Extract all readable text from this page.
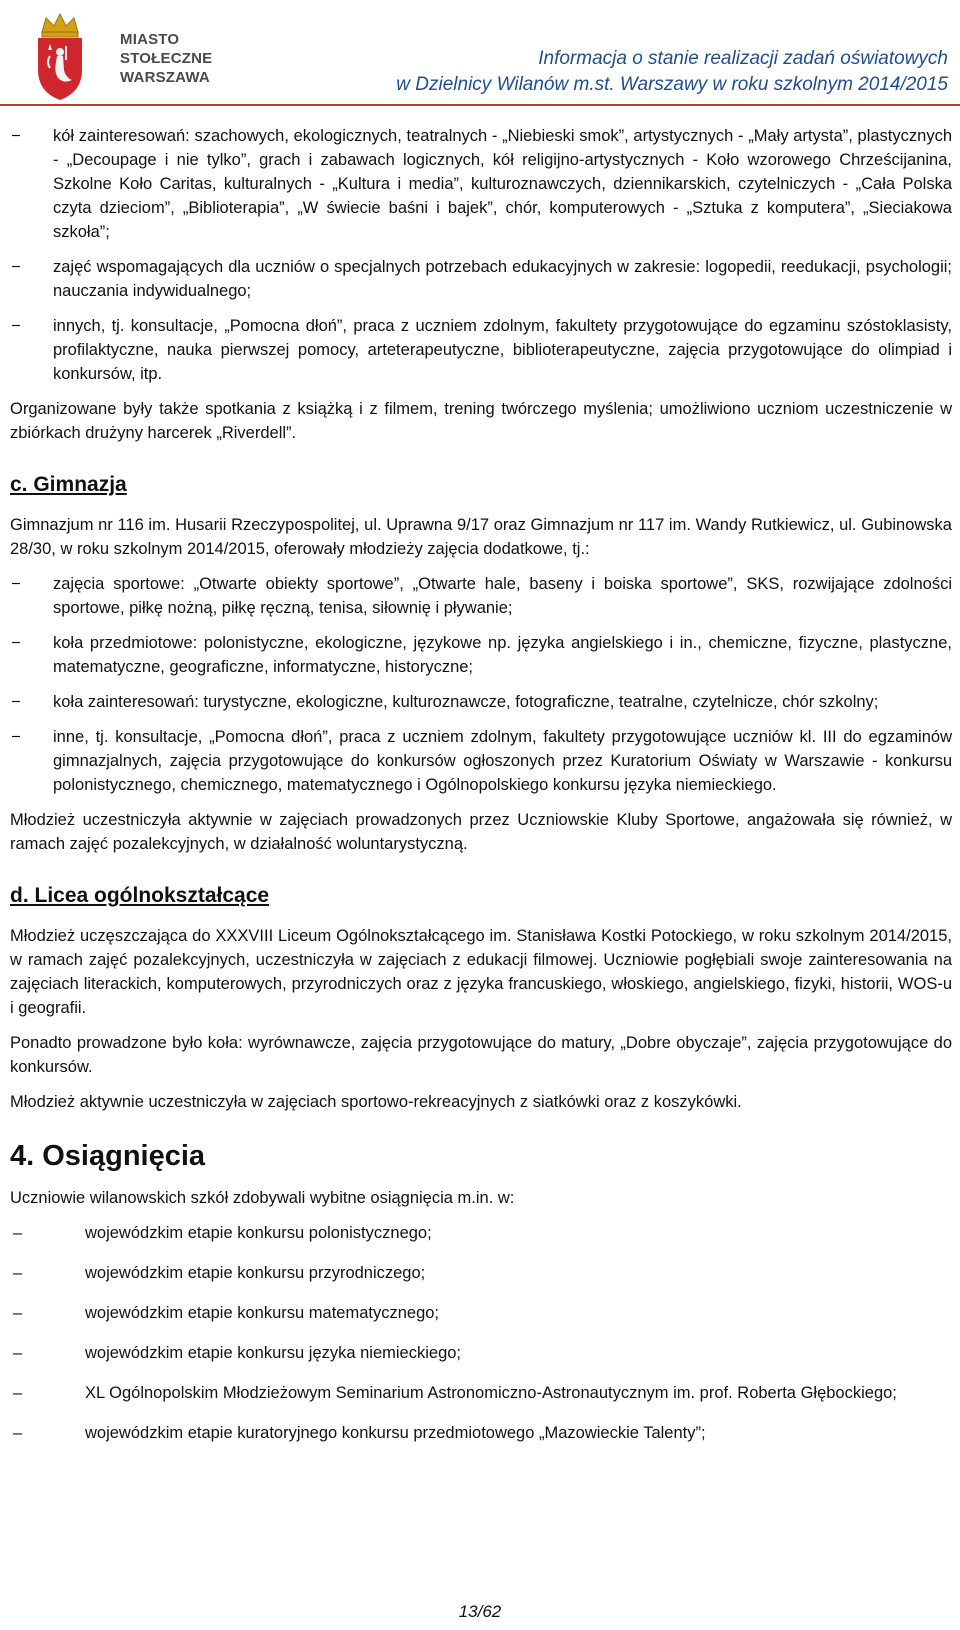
MIASTO
STOŁECZNE
WARSZAWA
Informacja o stanie realizacji zadań oświatowych
w Dzielnicy Wilanów m.st. Warszawy w roku szkolnym 2014/2015
−	kół zainteresowań: szachowych, ekologicznych, teatralnych - „Niebieski smok”, artystycznych - „Mały artysta”, plastycznych - „Decoupage i nie tylko”, grach i zabawach logicznych, kół religijno-artystycznych - Koło wzorowego Chrześcijanina, Szkolne Koło Caritas, kulturalnych - „Kultura i media”, kulturoznawczych, dziennikarskich, czytelniczych - „Cała Polska czyta dzieciom”, „Biblioterapia”, „W świecie baśni i bajek”, chór, komputerowych - „Sztuka z komputera”, „Sieciakowa szkoła”;
−	zajęć wspomagających dla uczniów o specjalnych potrzebach edukacyjnych w zakresie: logopedii, reedukacji, psychologii; nauczania indywidualnego;
−	innych, tj. konsultacje, „Pomocna dłoń”, praca z uczniem zdolnym, fakultety przygotowujące do egzaminu szóstoklasisty, profilaktyczne, nauka pierwszej pomocy, arteterapeutyczne, biblioterapeutyczne, zajęcia przygotowujące do olimpiad i konkursów, itp.

Organizowane były także spotkania z książką i z filmem, trening twórczego myślenia; umożliwiono uczniom uczestniczenie w zbiórkach drużyny harcerek „Riverdell”.

c. Gimnazja

Gimnazjum nr 116 im. Husarii Rzeczypospolitej, ul. Uprawna 9/17 oraz Gimnazjum nr 117 im. Wandy Rutkiewicz, ul. Gubinowska 28/30, w roku szkolnym 2014/2015, oferowały młodzieży zajęcia dodatkowe, tj.:

−	zajęcia sportowe: „Otwarte obiekty sportowe”, „Otwarte hale, baseny i boiska sportowe”, SKS, rozwijające zdolności sportowe, piłkę nożną, piłkę ręczną, tenisa, siłownię i pływanie;
−	koła przedmiotowe: polonistyczne, ekologiczne, językowe np. języka angielskiego i in., chemiczne, fizyczne, plastyczne, matematyczne, geograficzne, informatyczne, historyczne;
−	koła zainteresowań: turystyczne, ekologiczne, kulturoznawcze, fotograficzne, teatralne, czytelnicze, chór szkolny;
−	inne, tj. konsultacje, „Pomocna dłoń”, praca z uczniem zdolnym, fakultety przygotowujące uczniów kl. III do egzaminów gimnazjalnych, zajęcia przygotowujące do konkursów ogłoszonych przez Kuratorium Oświaty w Warszawie - konkursu polonistycznego, chemicznego, matematycznego i Ogólnopolskiego konkursu języka niemieckiego.

Młodzież uczestniczyła aktywnie w zajęciach prowadzonych przez Uczniowskie Kluby Sportowe, angażowała się również, w ramach zajęć pozalekcyjnych, w działalność woluntarystyczną.

d. Licea ogólnokształcące

Młodzież uczęszczająca do XXXVIII Liceum Ogólnokształcącego im. Stanisława Kostki Potockiego, w roku szkolnym 2014/2015, w ramach zajęć pozalekcyjnych, uczestniczyła w zajęciach z edukacji filmowej. Uczniowie pogłębiali swoje zainteresowania na zajęciach literackich, komputerowych, przyrodniczych oraz z języka francuskiego, włoskiego, angielskiego, fizyki, historii, WOS-u i geografii.

Ponadto prowadzone było koła: wyrównawcze, zajęcia przygotowujące do matury, „Dobre obyczaje”, zajęcia przygotowujące do konkursów.

Młodzież aktywnie uczestniczyła w zajęciach sportowo-rekreacyjnych z siatkówki oraz z koszykówki.

4. Osiągnięcia

Uczniowie wilanowskich szkół zdobywali wybitne osiągnięcia m.in. w:

–	wojewódzkim etapie konkursu polonistycznego;
–	wojewódzkim etapie konkursu przyrodniczego;
–	wojewódzkim etapie konkursu matematycznego;
–	wojewódzkim etapie konkursu języka niemieckiego;
–	XL Ogólnopolskim Młodzieżowym Seminarium Astronomiczno-Astronautycznym im. prof. Roberta Głębockiego;
–	wojewódzkim etapie kuratoryjnego konkursu przedmiotowego „Mazowieckie Talenty”;
13/62
